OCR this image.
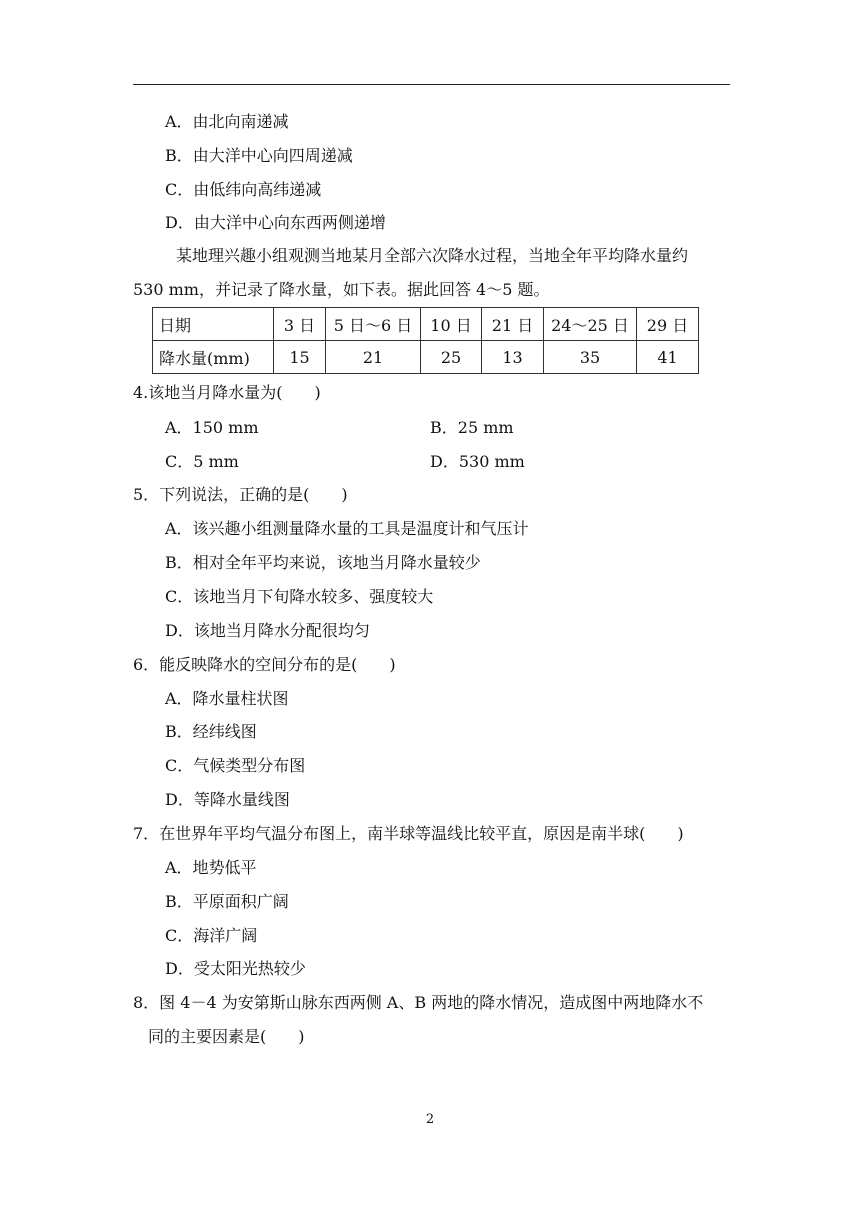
A．由北向南递减
B．由大洋中心向四周递减
C．由低纬向高纬递减
D．由大洋中心向东西两侧递增
某地理兴趣小组观测当地某月全部六次降水过程，当地全年平均降水量约
530 mm，并记录了降水量，如下表。据此回答 4～5 题。
日期	3 日	5 日～6 日	10 日	21 日	24～25 日	29 日
降水量(mm)	15	21	25	13	35	41
4.该地当月降水量为(　　)
A．150 mm	B．25 mm
C．5 mm	D．530 mm
5．下列说法，正确的是(　　)
A．该兴趣小组测量降水量的工具是温度计和气压计
B．相对全年平均来说，该地当月降水量较少
C．该地当月下旬降水较多、强度较大
D．该地当月降水分配很均匀
6．能反映降水的空间分布的是(　　)
A．降水量柱状图
B．经纬线图
C．气候类型分布图
D．等降水量线图
7．在世界年平均气温分布图上，南半球等温线比较平直，原因是南半球(　　)
A．地势低平
B．平原面积广阔
C．海洋广阔
D．受太阳光热较少
8．图 4－4 为安第斯山脉东西两侧 A、B 两地的降水情况，造成图中两地降水不
同的主要因素是(　　)
2
